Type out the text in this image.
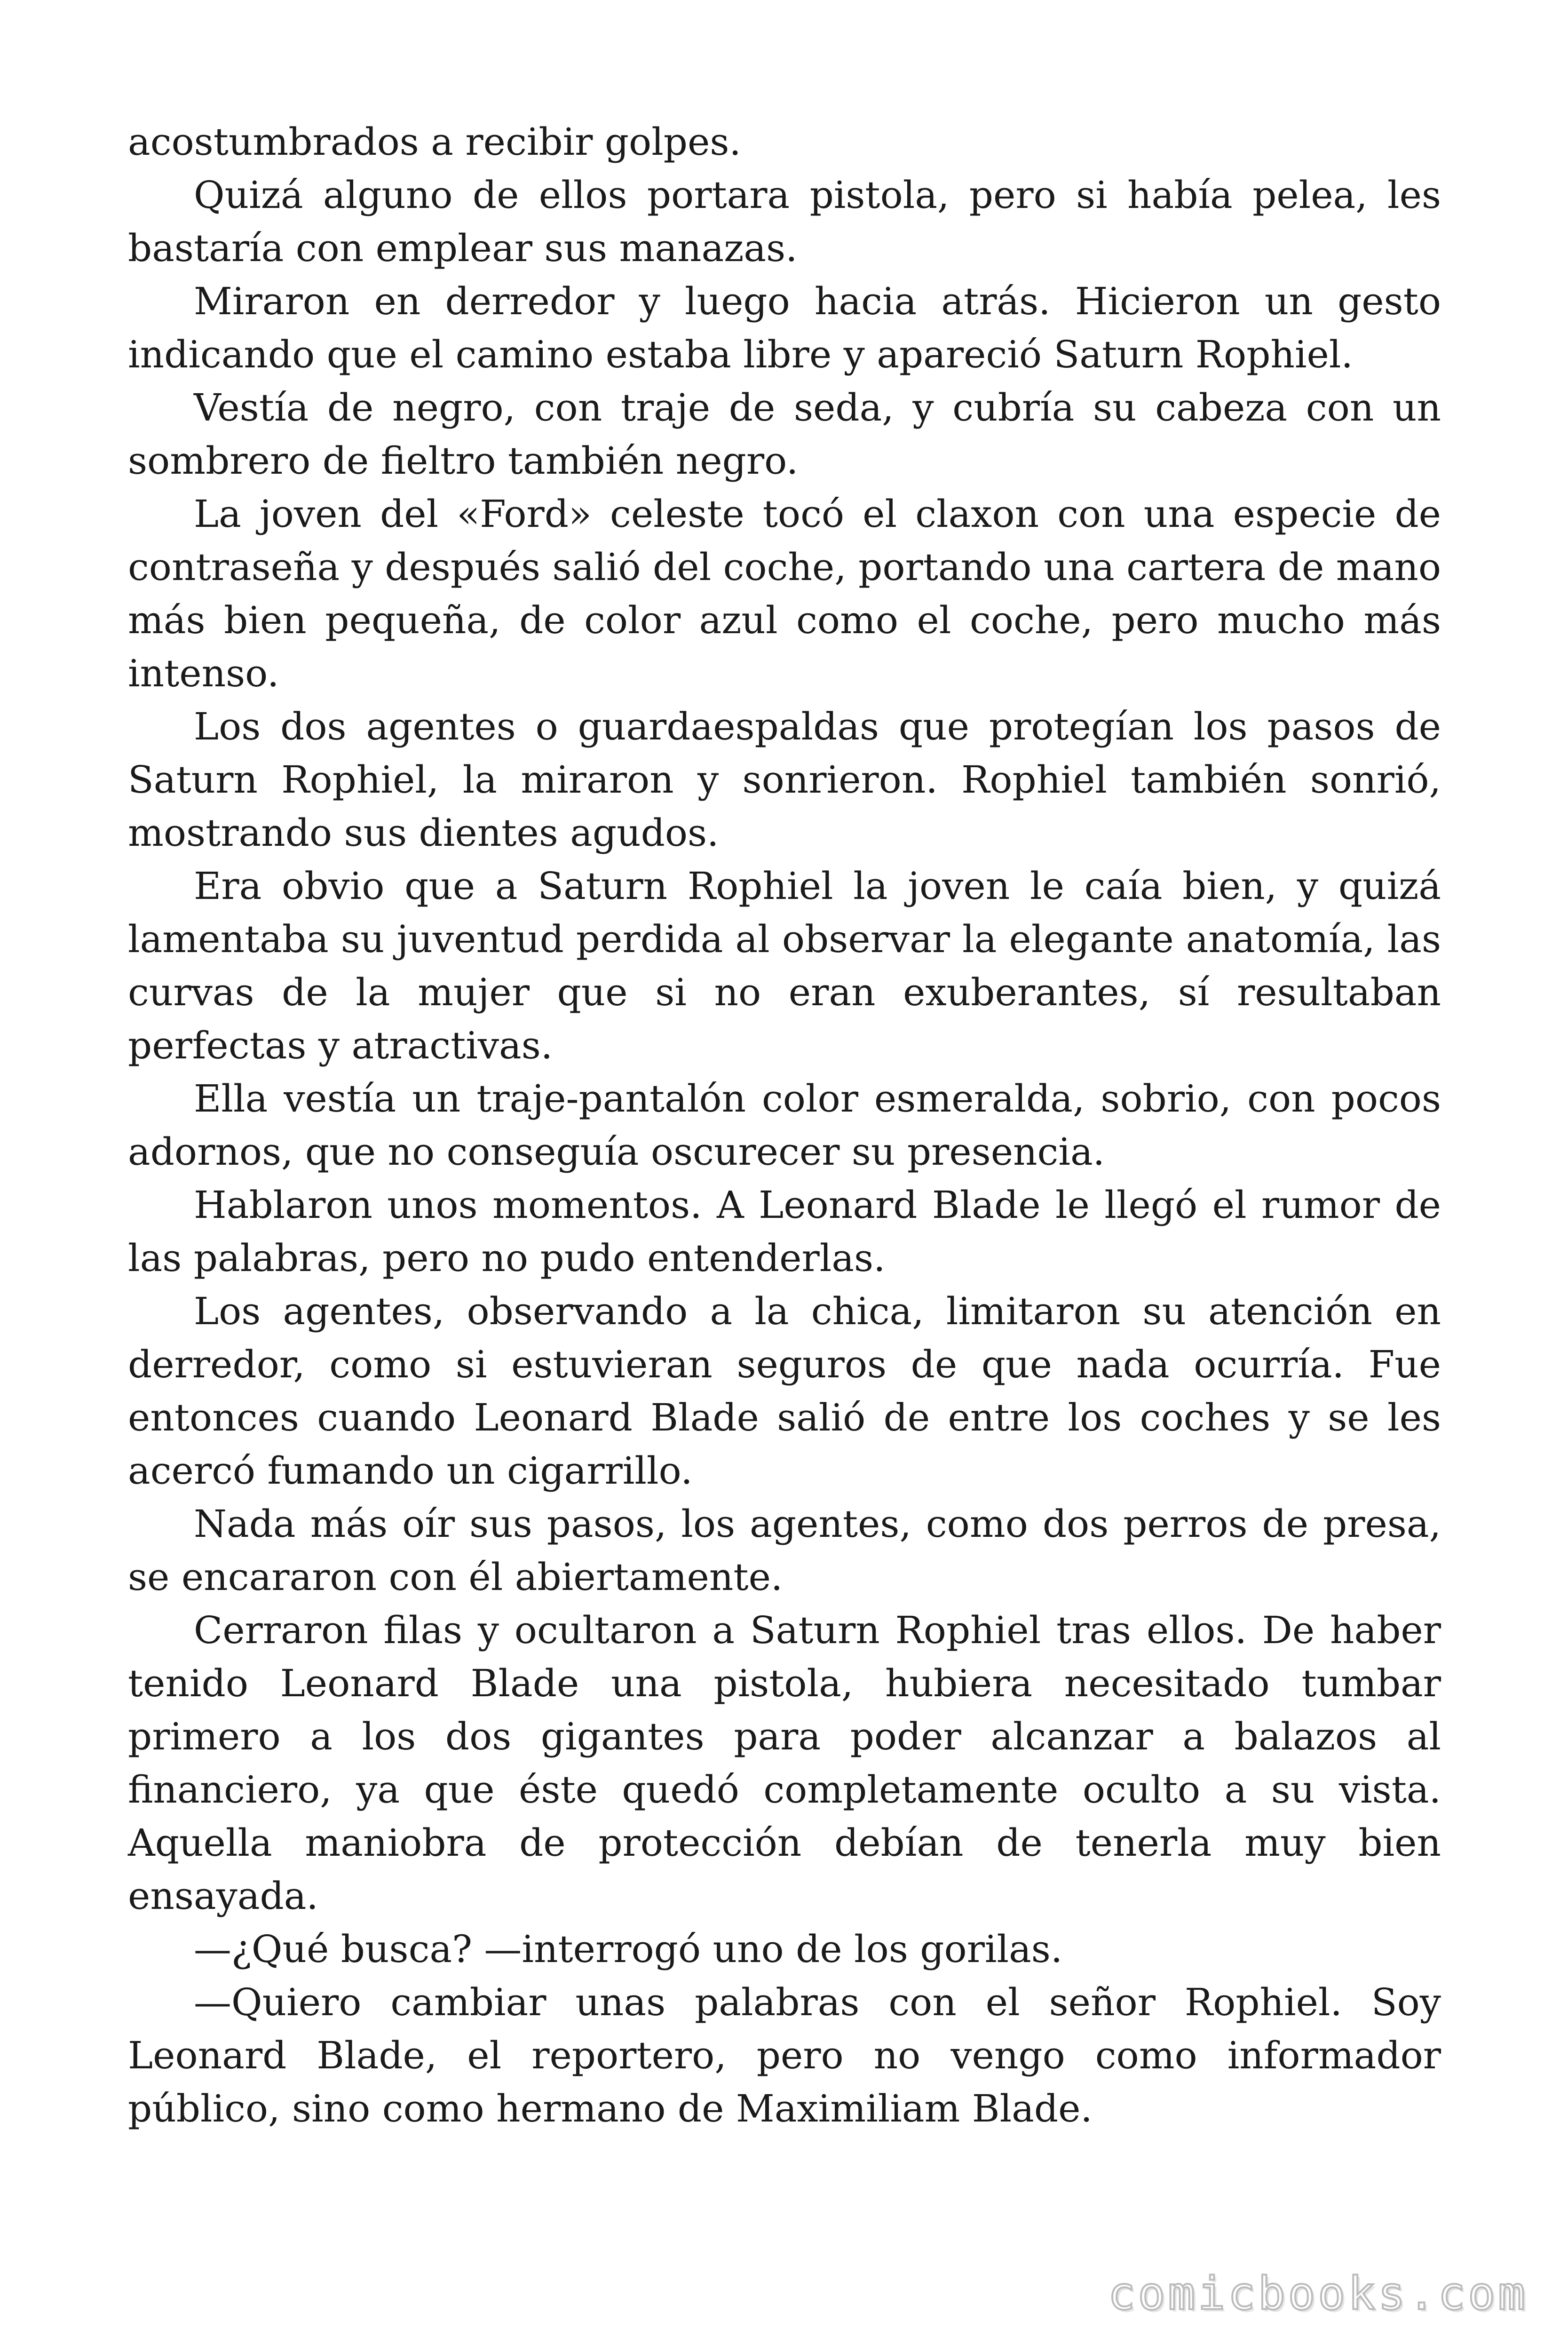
acostumbrados a recibir golpes.

Quizá alguno de ellos portara pistola, pero si había pelea, les bastaría con emplear sus manazas.

Miraron en derredor y luego hacia atrás. Hicieron un gesto indicando que el camino estaba libre y apareció Saturn Rophiel.

Vestía de negro, con traje de seda, y cubría su cabeza con un sombrero de fieltro también negro.

La joven del «Ford» celeste tocó el claxon con una especie de contraseña y después salió del coche, portando una cartera de mano más bien pequeña, de color azul como el coche, pero mucho más intenso.

Los dos agentes o guardaespaldas que protegían los pasos de Saturn Rophiel, la miraron y sonrieron. Rophiel también sonrió, mostrando sus dientes agudos.

Era obvio que a Saturn Rophiel la joven le caía bien, y quizá lamentaba su juventud perdida al observar la elegante anatomía, las curvas de la mujer que si no eran exuberantes, sí resultaban perfectas y atractivas.

Ella vestía un traje-pantalón color esmeralda, sobrio, con pocos adornos, que no conseguía oscurecer su presencia.

Hablaron unos momentos. A Leonard Blade le llegó el rumor de las palabras, pero no pudo entenderlas.

Los agentes, observando a la chica, limitaron su atención en derredor, como si estuvieran seguros de que nada ocurría. Fue entonces cuando Leonard Blade salió de entre los coches y se les acercó fumando un cigarrillo.

Nada más oír sus pasos, los agentes, como dos perros de presa, se encararon con él abiertamente.

Cerraron filas y ocultaron a Saturn Rophiel tras ellos. De haber tenido Leonard Blade una pistola, hubiera necesitado tumbar primero a los dos gigantes para poder alcanzar a balazos al financiero, ya que éste quedó completamente oculto a su vista. Aquella maniobra de protección debían de tenerla muy bien ensayada.

—¿Qué busca? —interrogó uno de los gorilas.

—Quiero cambiar unas palabras con el señor Rophiel. Soy Leonard Blade, el reportero, pero no vengo como informador público, sino como hermano de Maximiliam Blade.

comicbooks.com
